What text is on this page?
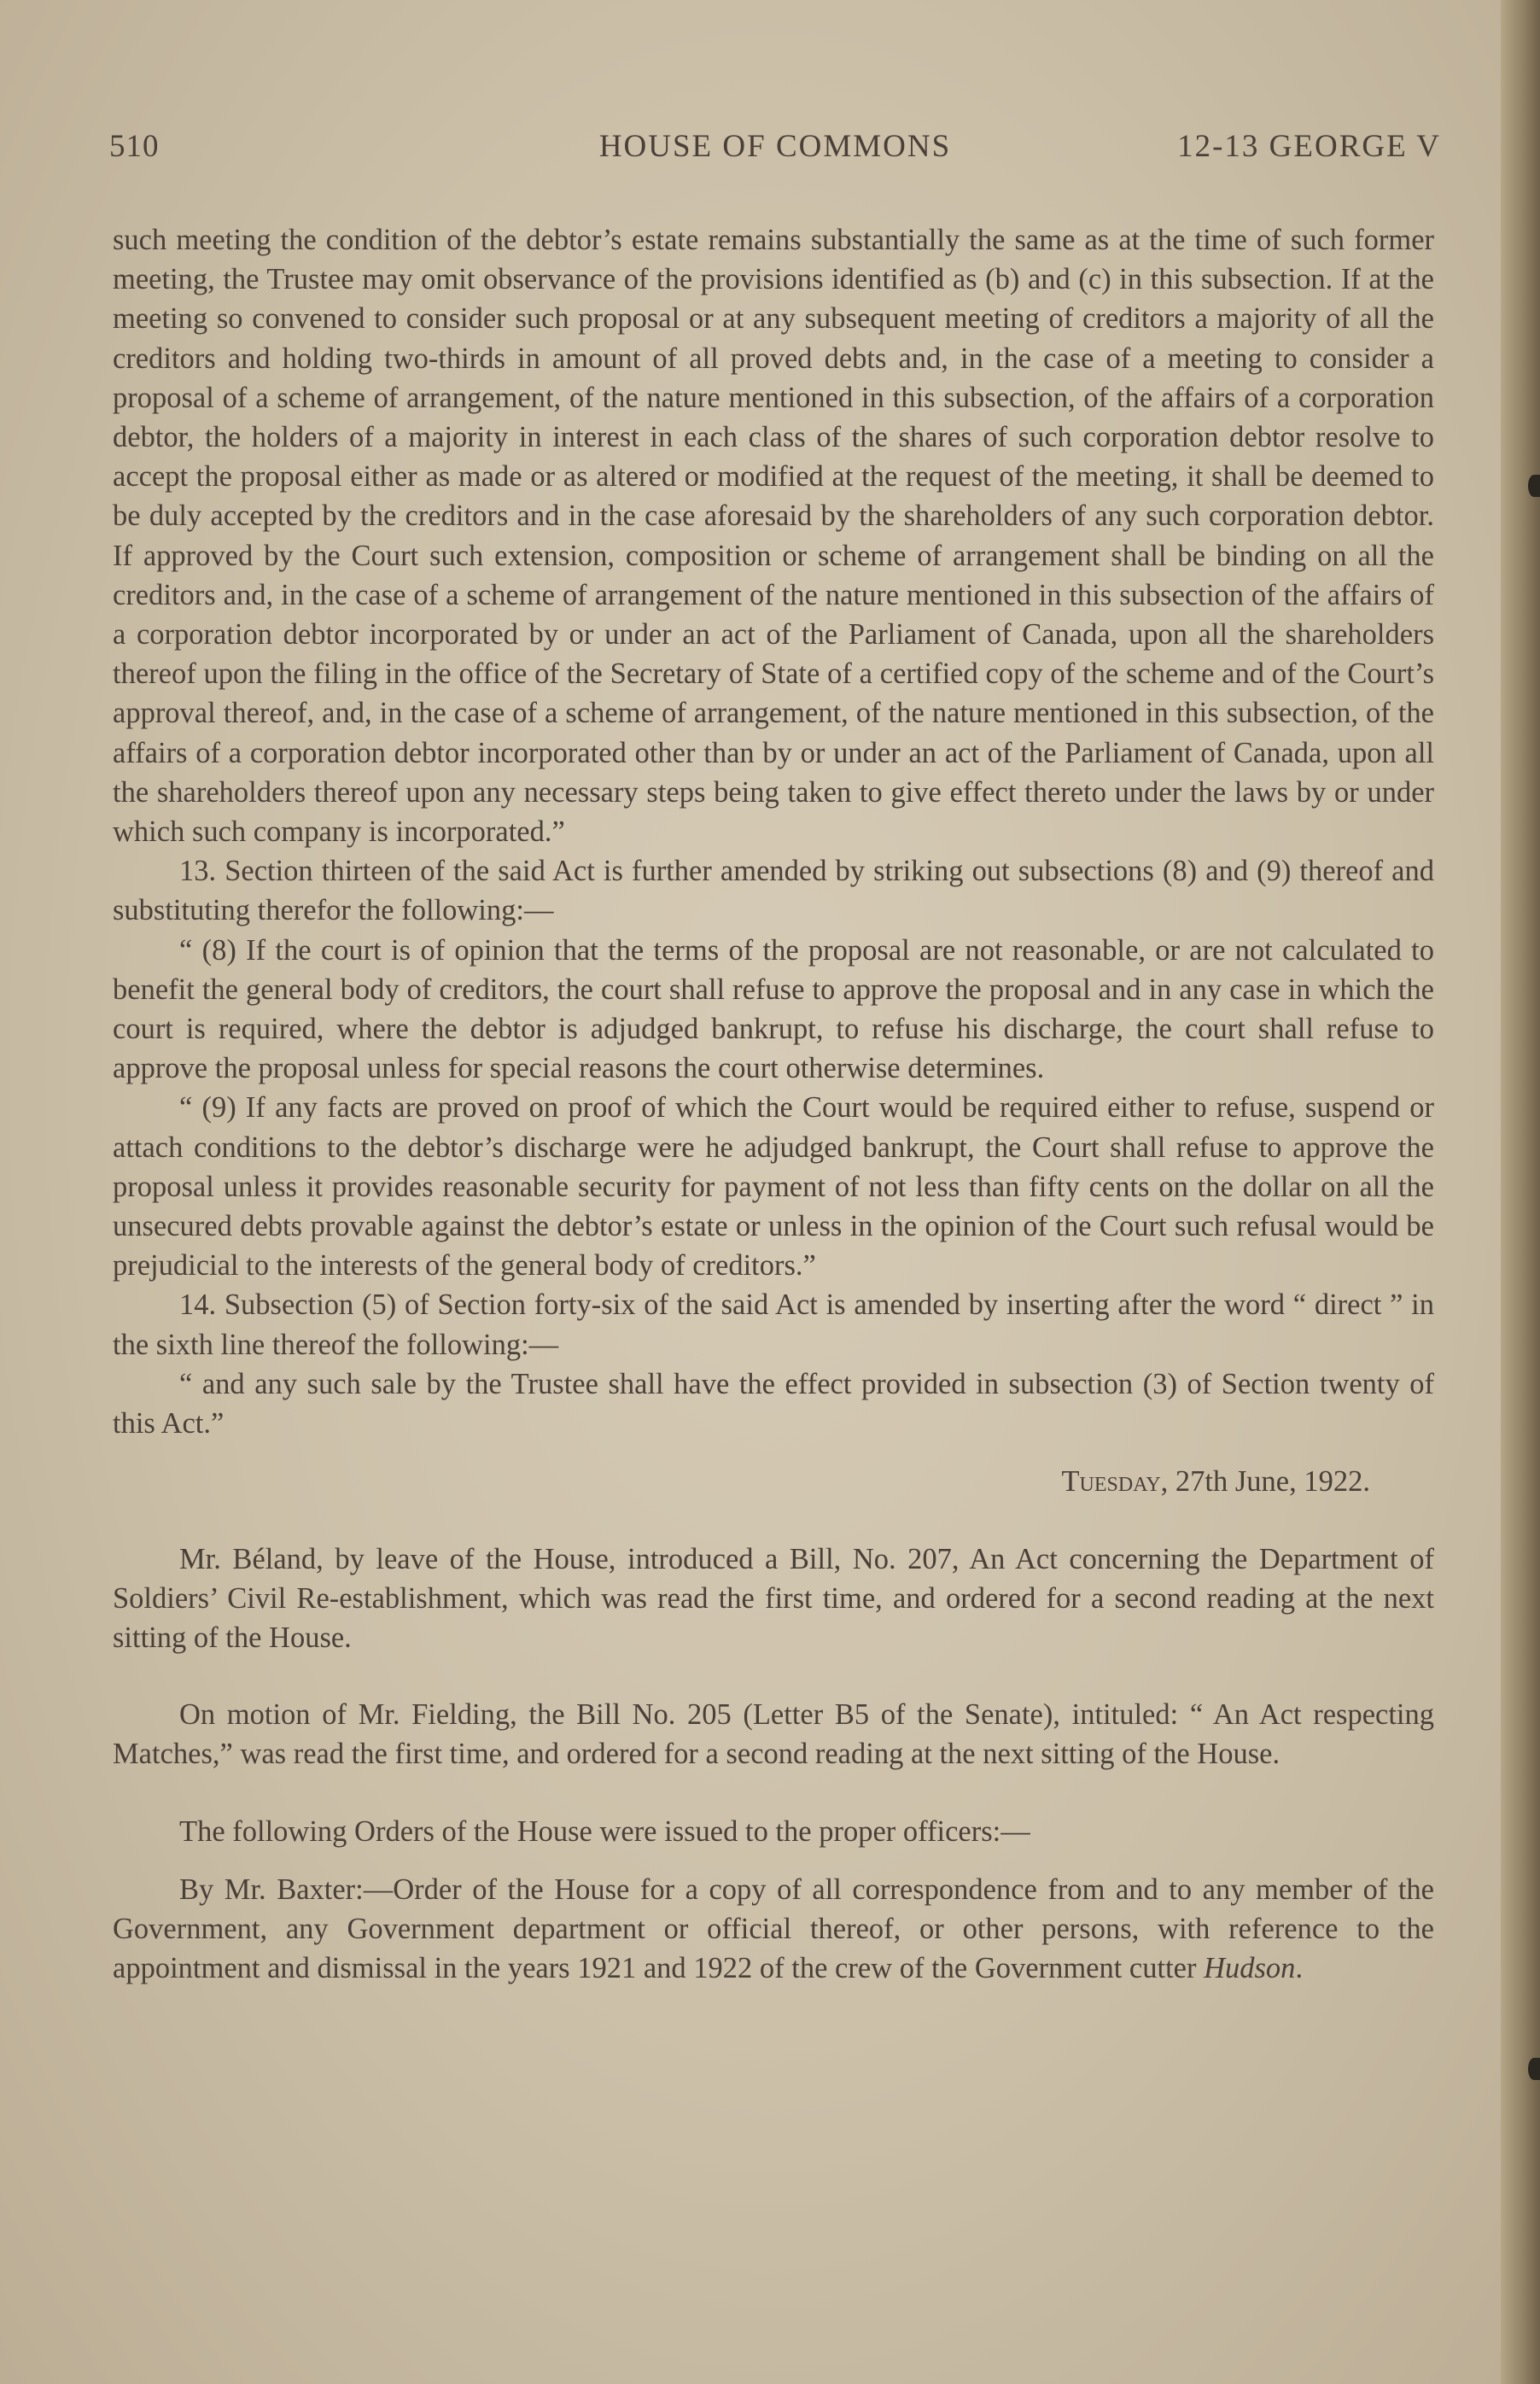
510	HOUSE OF COMMONS	12-13 GEORGE V

such meeting the condition of the debtor’s estate remains substantially the same as at the time of such former meeting, the Trustee may omit observance of the provisions identified as (b) and (c) in this subsection. If at the meeting so convened to consider such proposal or at any subsequent meeting of creditors a majority of all the creditors and holding two-thirds in amount of all proved debts and, in the case of a meeting to consider a proposal of a scheme of arrangement, of the nature mentioned in this subsection, of the affairs of a corporation debtor, the holders of a majority in interest in each class of the shares of such corporation debtor resolve to accept the proposal either as made or as altered or modified at the request of the meeting, it shall be deemed to be duly accepted by the creditors and in the case aforesaid by the shareholders of any such corporation debtor. If approved by the Court such extension, composition or scheme of arrangement shall be binding on all the creditors and, in the case of a scheme of arrangement of the nature mentioned in this subsection of the affairs of a corporation debtor incorporated by or under an act of the Parliament of Canada, upon all the shareholders thereof upon the filing in the office of the Secretary of State of a certified copy of the scheme and of the Court’s approval thereof, and, in the case of a scheme of arrangement, of the nature mentioned in this subsection, of the affairs of a corporation debtor incorporated other than by or under an act of the Parliament of Canada, upon all the shareholders thereof upon any necessary steps being taken to give effect thereto under the laws by or under which such company is incorporated.”

13. Section thirteen of the said Act is further amended by striking out subsections (8) and (9) thereof and substituting therefor the following:—

“ (8) If the court is of opinion that the terms of the proposal are not reasonable, or are not calculated to benefit the general body of creditors, the court shall refuse to approve the proposal and in any case in which the court is required, where the debtor is adjudged bankrupt, to refuse his discharge, the court shall refuse to approve the proposal unless for special reasons the court otherwise determines.

“ (9) If any facts are proved on proof of which the Court would be required either to refuse, suspend or attach conditions to the debtor’s discharge were he adjudged bankrupt, the Court shall refuse to approve the proposal unless it provides reasonable security for payment of not less than fifty cents on the dollar on all the unsecured debts provable against the debtor’s estate or unless in the opinion of the Court such refusal would be prejudicial to the interests of the general body of creditors.”

14. Subsection (5) of Section forty-six of the said Act is amended by inserting after the word “ direct ” in the sixth line thereof the following:—

“ and any such sale by the Trustee shall have the effect provided in subsection (3) of Section twenty of this Act.”

Tuesday, 27th June, 1922.

Mr. Béland, by leave of the House, introduced a Bill, No. 207, An Act concerning the Department of Soldiers’ Civil Re-establishment, which was read the first time, and ordered for a second reading at the next sitting of the House.

On motion of Mr. Fielding, the Bill No. 205 (Letter B5 of the Senate), intituled: “ An Act respecting Matches,” was read the first time, and ordered for a second reading at the next sitting of the House.

The following Orders of the House were issued to the proper officers:—

By Mr. Baxter:—Order of the House for a copy of all correspondence from and to any member of the Government, any Government department or official thereof, or other persons, with reference to the appointment and dismissal in the years 1921 and 1922 of the crew of the Government cutter Hudson.
